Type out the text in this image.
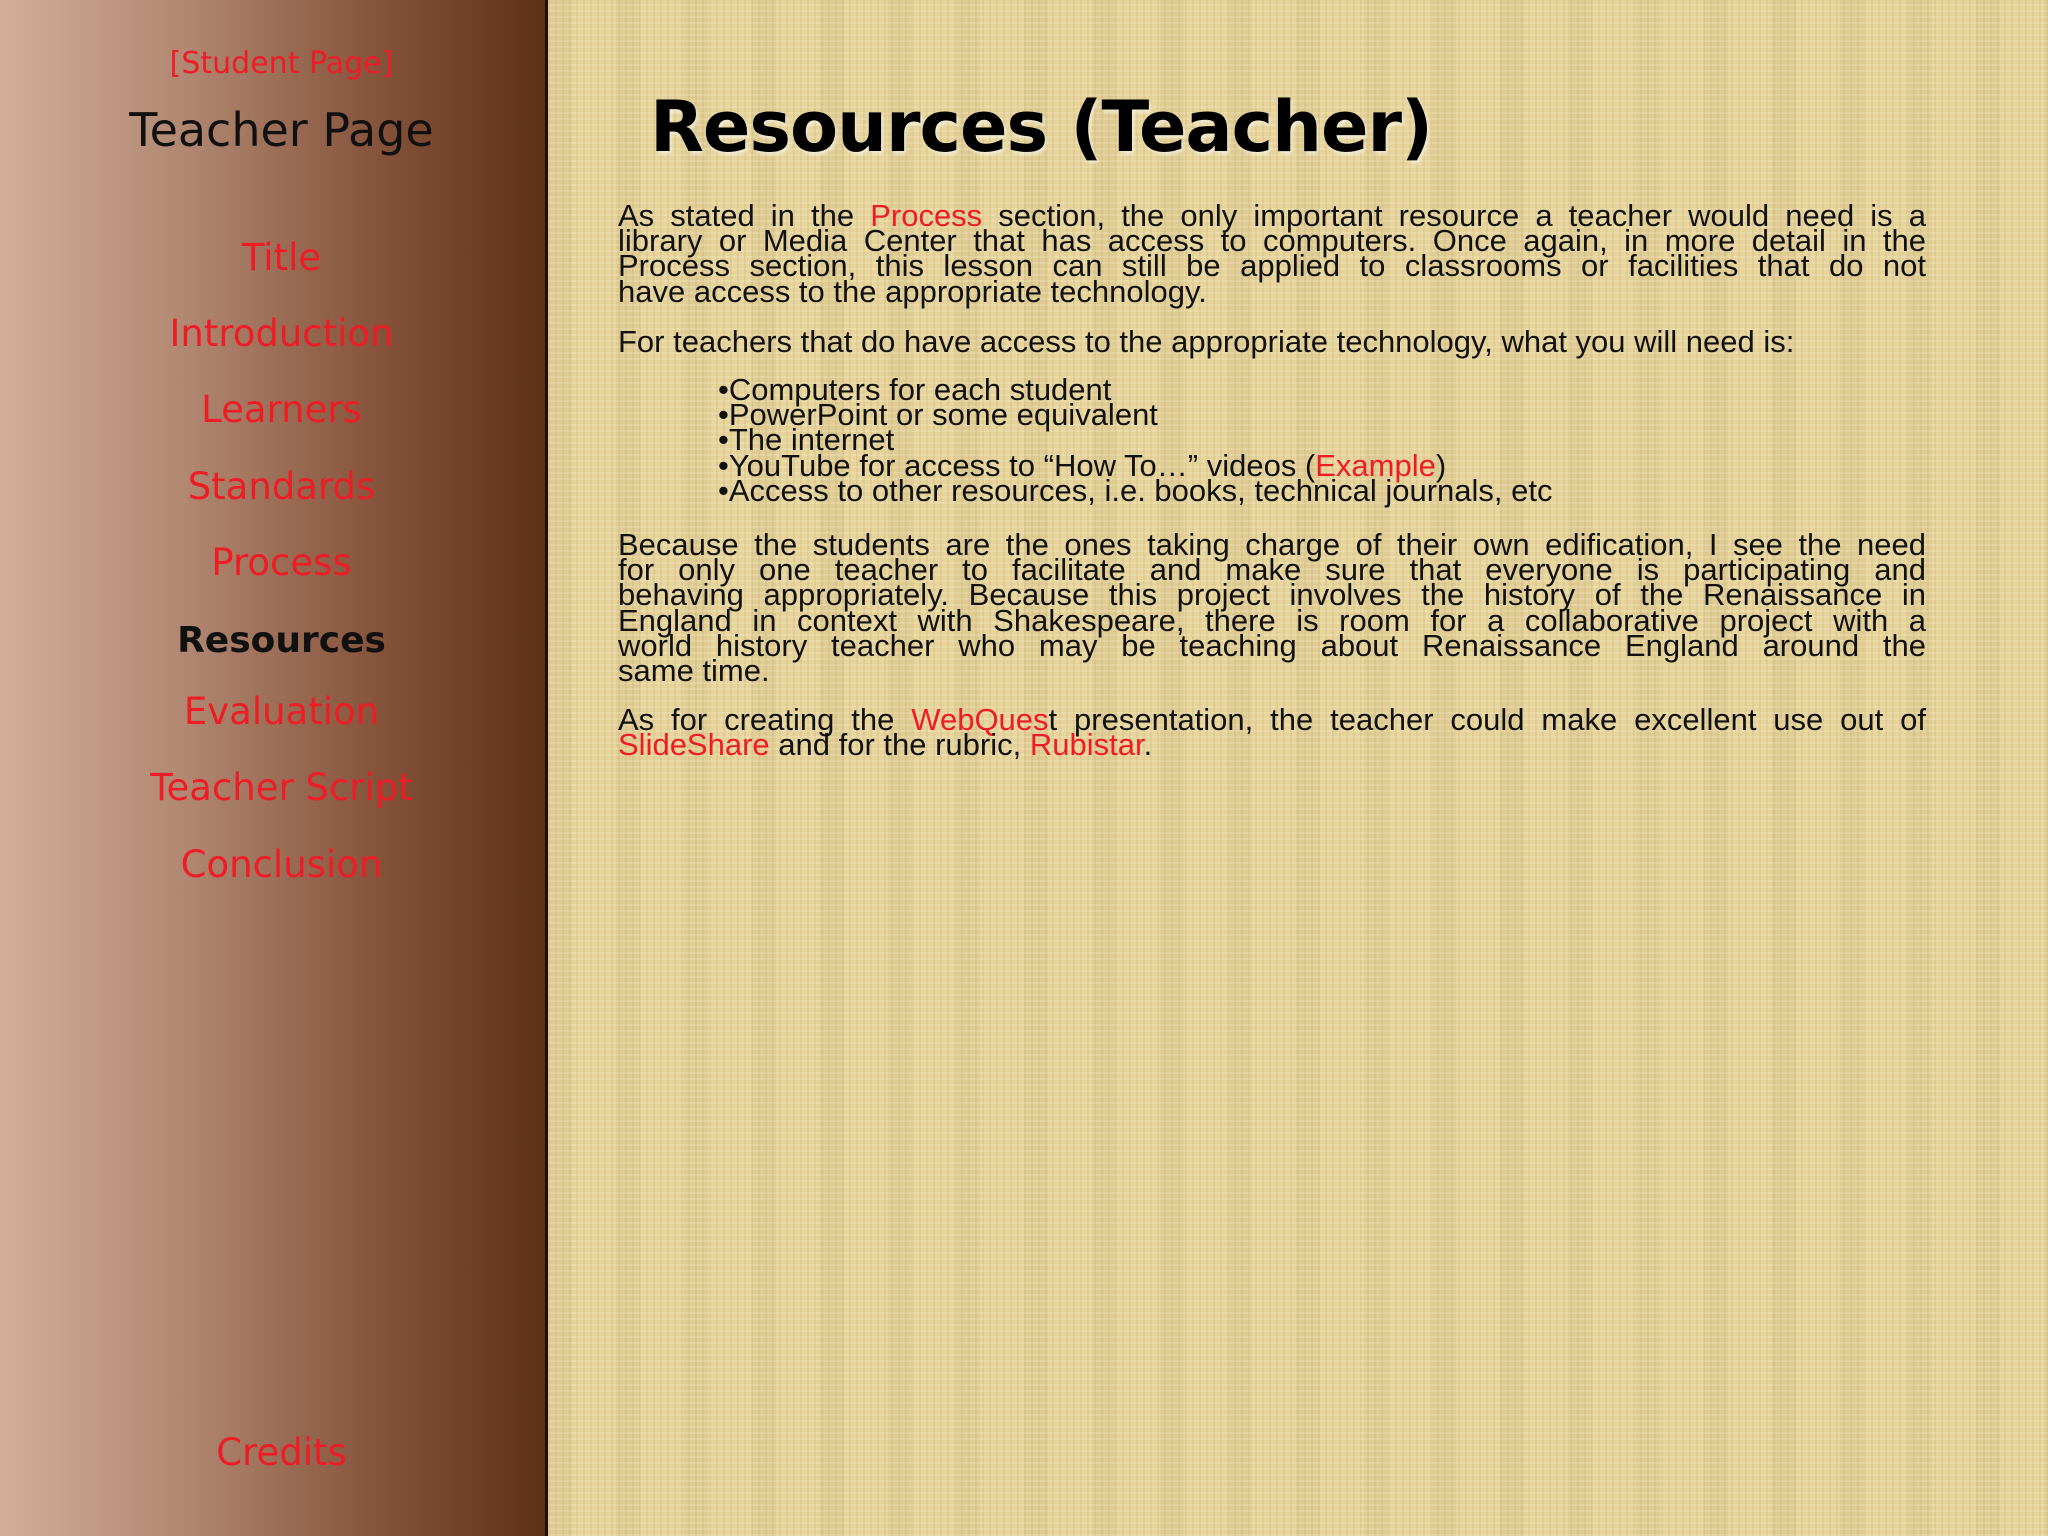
[Student Page]
Teacher Page
Title
Introduction
Learners
Standards
Process
Resources
Evaluation
Teacher Script
Conclusion
Credits
Resources (Teacher)
As stated in the Process section, the only important resource a teacher would need is a
library or Media Center that has access to computers. Once again, in more detail in the
Process section, this lesson can still be applied to classrooms or facilities that do not
have access to the appropriate technology.
For teachers that do have access to the appropriate technology, what you will need is:
•Computers for each student
•PowerPoint or some equivalent
•The internet
•YouTube for access to “How To…” videos (Example)
•Access to other resources, i.e. books, technical journals, etc
Because the students are the ones taking charge of their own edification, I see the need
for only one teacher to facilitate and make sure that everyone is participating and
behaving appropriately. Because this project involves the history of the Renaissance in
England in context with Shakespeare, there is room for a collaborative project with a
world history teacher who may be teaching about Renaissance England around the
same time.
As for creating the WebQuest presentation, the teacher could make excellent use out of
SlideShare and for the rubric, Rubistar.
